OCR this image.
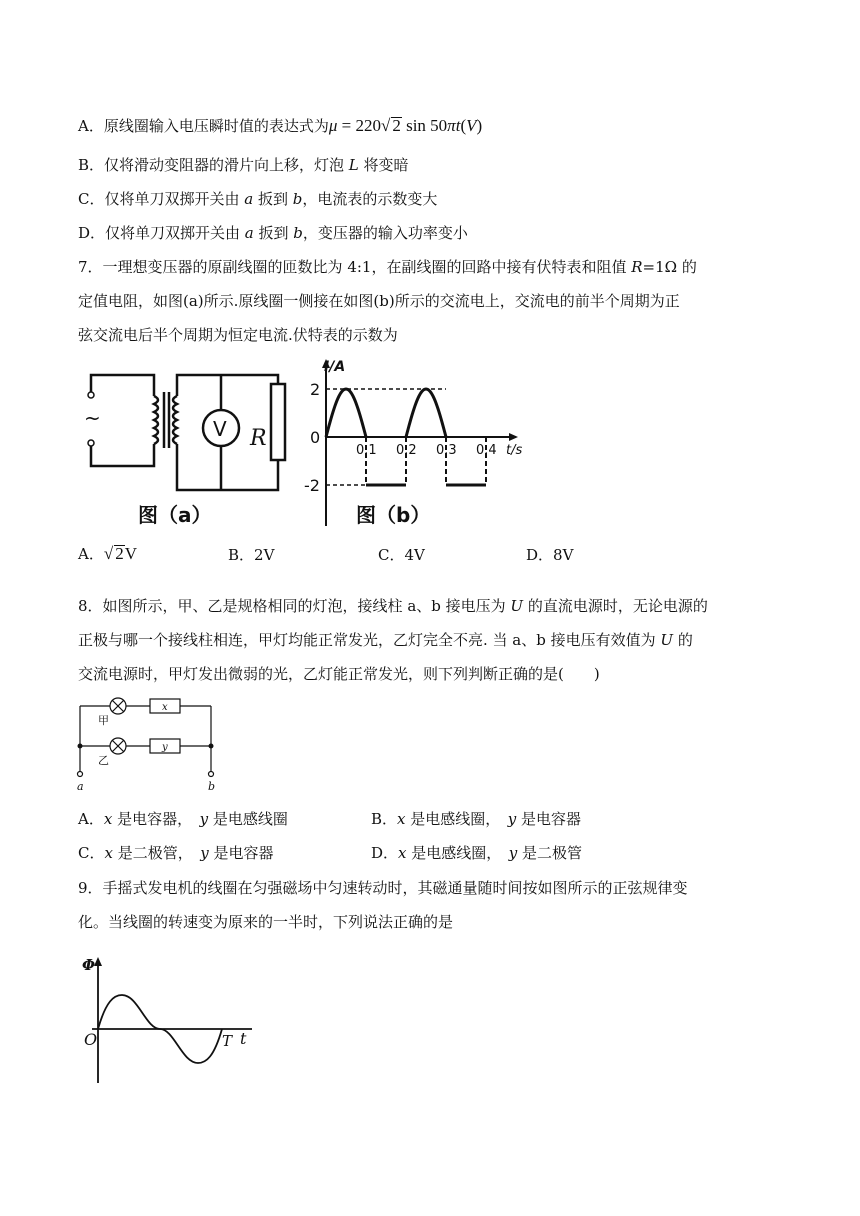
A．原线圈输入电压瞬时值的表达式为μ = 220√ 2 sin 50πt(V)
B．仅将滑动变阻器的滑片向上移，灯泡 L 将变暗
C．仅将单刀双掷开关由 a 扳到 b，电流表的示数变大
D．仅将单刀双掷开关由 a 扳到 b，变压器的输入功率变小
7．一理想变压器的原副线圈的匝数比为 4:1，在副线圈的回路中接有伏特表和阻值 R=1Ω 的
定值电阻，如图(a)所示.原线圈一侧接在如图(b)所示的交流电上，交流电的前半个周期为正
弦交流电后半个周期为恒定电流.伏特表的示数为
~	V R
图（a）
0.1 0.2 0.3 0.4
2
0
-2
I/A
t/s
图（b）
A．√ 2V	B．2V	C．4V	D．8V
8．如图所示，甲、乙是规格相同的灯泡，接线柱 a、b 接电压为 U 的直流电源时，无论电源的
正极与哪一个接线柱相连，甲灯均能正常发光，乙灯完全不亮. 当 a、b 接电压有效值为 U 的
交流电源时，甲灯发出微弱的光，乙灯能正常发光，则下列判断正确的是(　　)
x
y
甲
乙
a	b
A．x 是电容器，　y 是电感线圈	B．x 是电感线圈，　y 是电容器
C．x 是二极管，　y 是电容器	D．x 是电感线圈，　y 是二极管
9．手摇式发电机的线圈在匀强磁场中匀速转动时，其磁通量随时间按如图所示的正弦规律变
化。当线圈的转速变为原来的一半时，下列说法正确的是
Φ
t
O	T
